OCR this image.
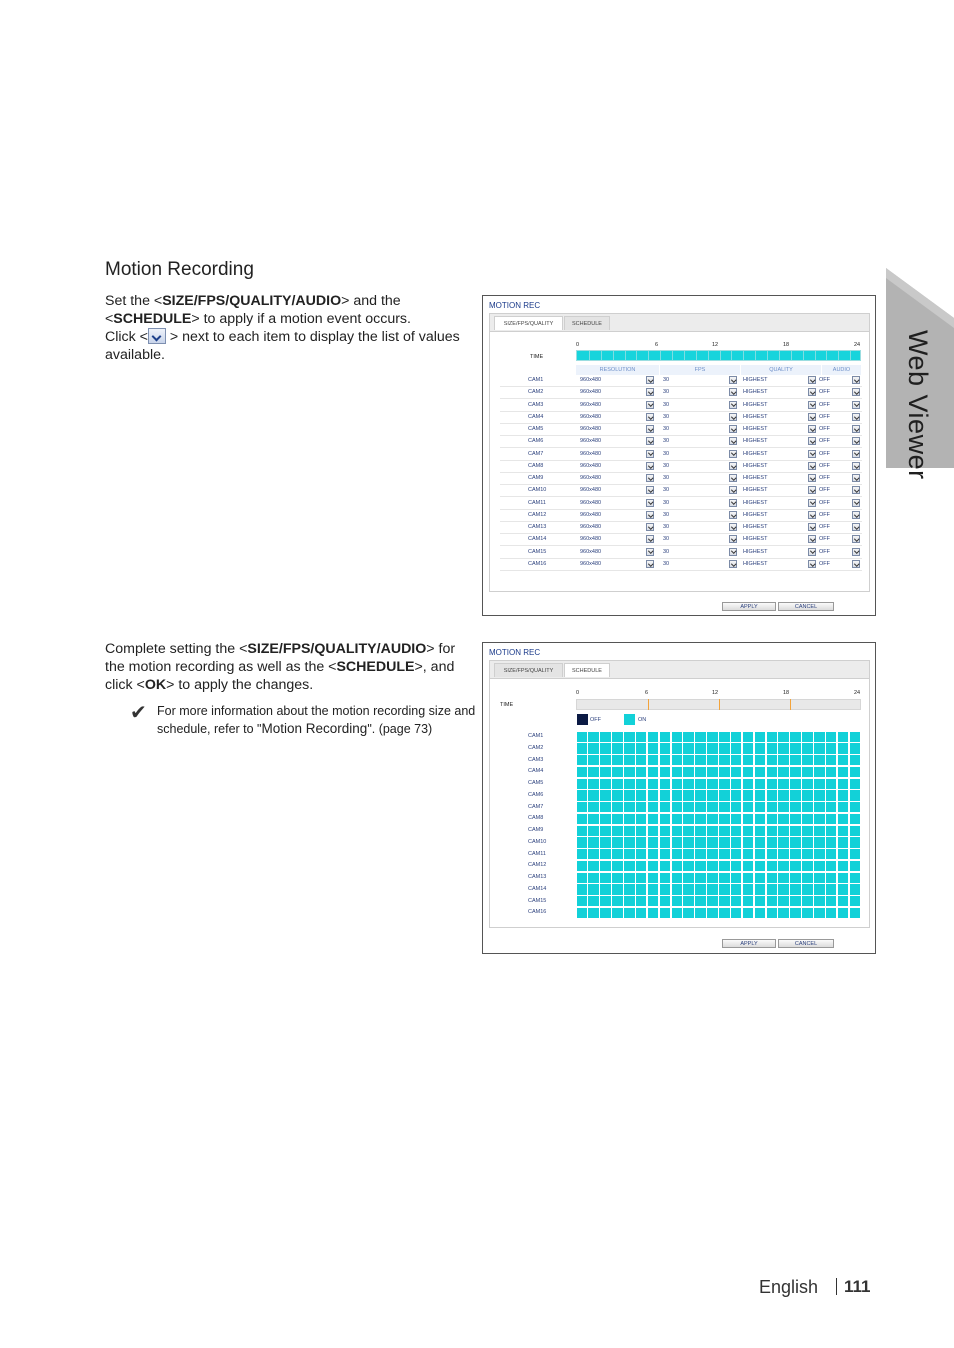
Web Viewer
Motion Recording
Set the <SIZE/FPS/QUALITY/AUDIO> and the
<SCHEDULE> to apply if a motion event occurs.
Click < > next to each item to display the list of values
available.
Complete setting the <SIZE/FPS/QUALITY/AUDIO> for
the motion recording as well as the <SCHEDULE>, and
click <OK> to apply the changes.
✔ For more information about the motion recording size and
schedule, refer to "Motion Recording". (page 73)
MOTION REC
SIZE/FPS/QUALITY	SCHEDULE
TIME
0	6	12	18	24
RESOLUTION	FPS	QUALITY	AUDIO
CAM1	960x480	30	HIGHEST	OFF
CAM2	960x480	30	HIGHEST	OFF
CAM3	960x480	30	HIGHEST	OFF
CAM4	960x480	30	HIGHEST	OFF
CAM5	960x480	30	HIGHEST	OFF
CAM6	960x480	30	HIGHEST	OFF
CAM7	960x480	30	HIGHEST	OFF
CAM8	960x480	30	HIGHEST	OFF
CAM9	960x480	30	HIGHEST	OFF
CAM10	960x480	30	HIGHEST	OFF
CAM11	960x480	30	HIGHEST	OFF
CAM12	960x480	30	HIGHEST	OFF
CAM13	960x480	30	HIGHEST	OFF
CAM14	960x480	30	HIGHEST	OFF
CAM15	960x480	30	HIGHEST	OFF
CAM16	960x480	30	HIGHEST	OFF
APPLY	CANCEL
MOTION REC
SIZE/FPS/QUALITY	SCHEDULE
0	6	12	18	24
TIME
OFF	ON
CAM1
CAM2
CAM3
CAM4
CAM5
CAM6
CAM7
CAM8
CAM9
CAM10
CAM11
CAM12
CAM13
CAM14
CAM15
CAM16
APPLY	CANCEL
English 111
